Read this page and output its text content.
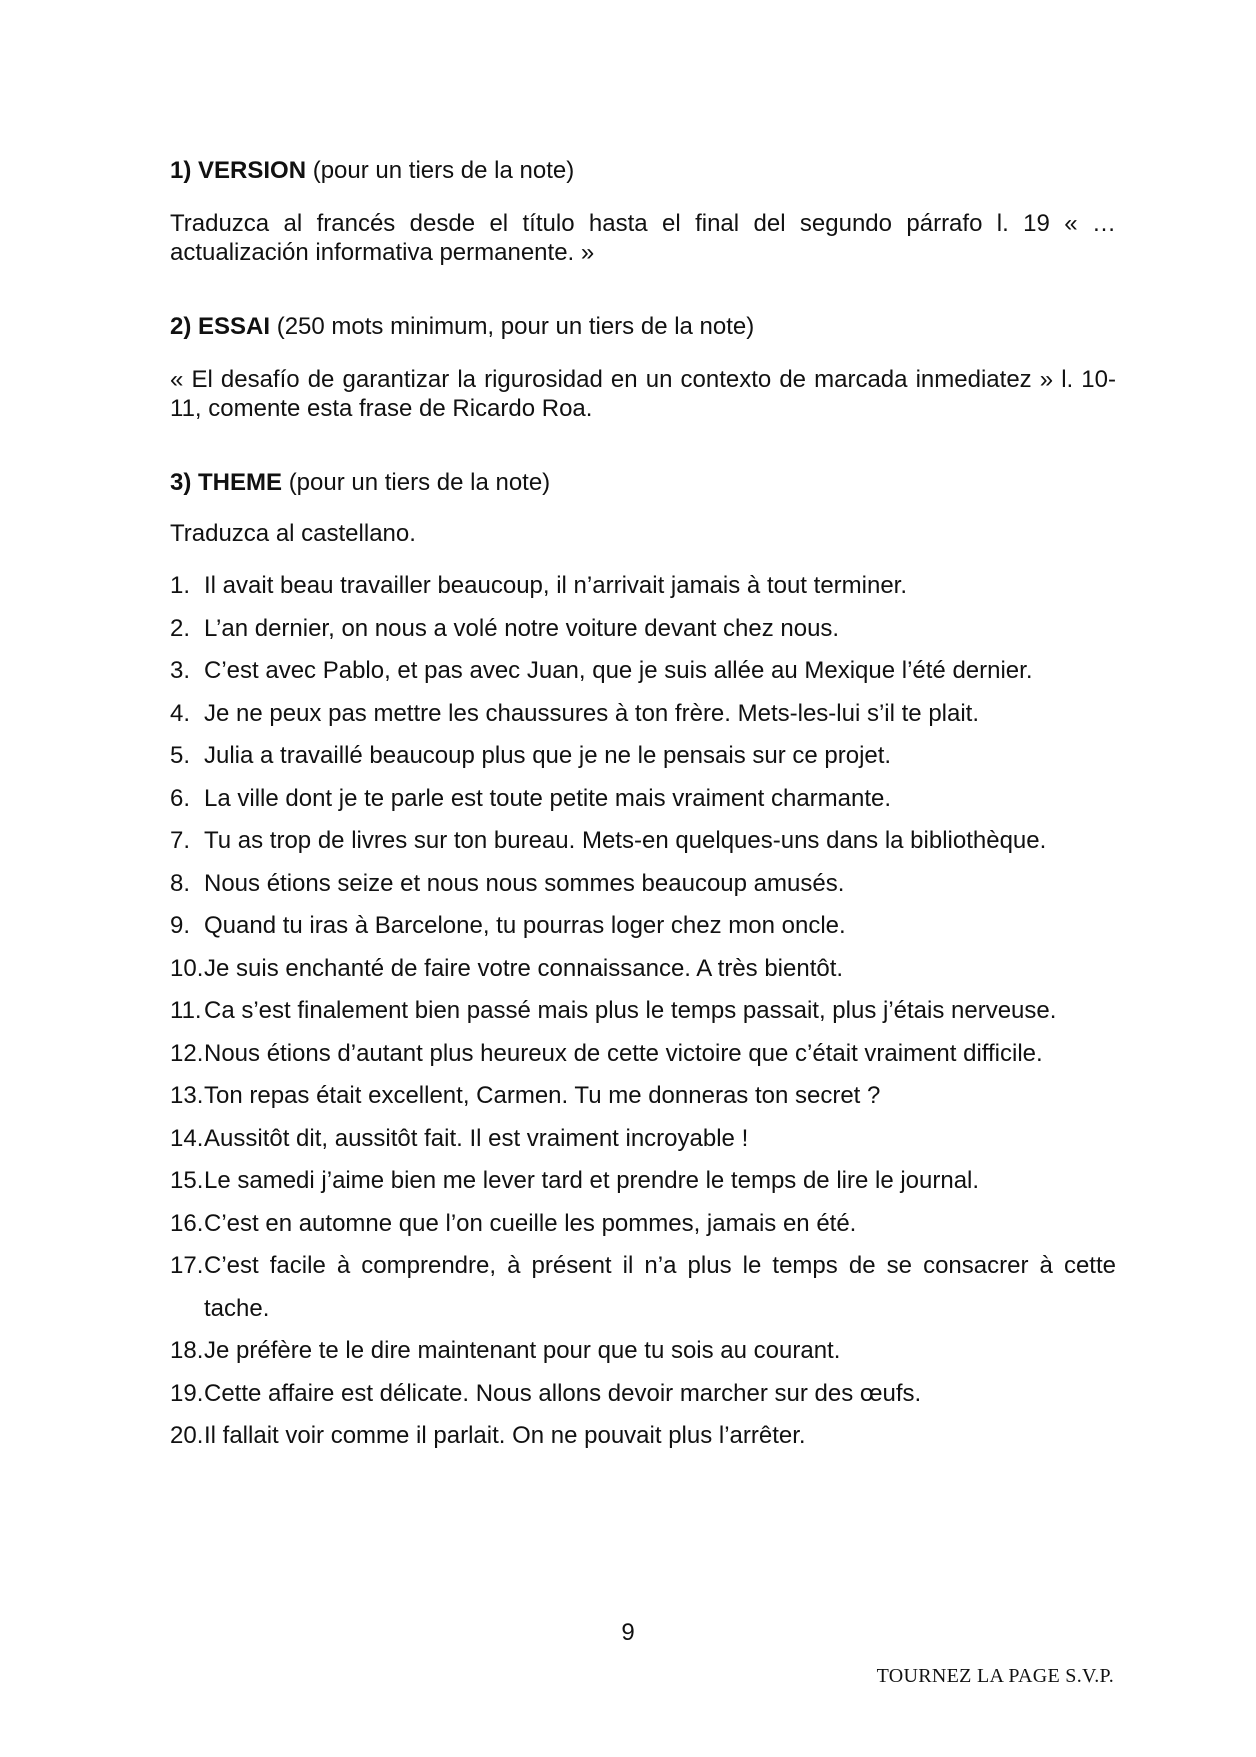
1) VERSION (pour un tiers de la note)

Traduzca al francés desde el título hasta el final del segundo párrafo l. 19 « …actualización informativa permanente. »

2) ESSAI (250 mots minimum, pour un tiers de la note)

« El desafío de garantizar la rigurosidad en un contexto de marcada inmediatez » l. 10-11, comente esta frase de Ricardo Roa.

3) THEME (pour un tiers de la note)

Traduzca al castellano.

1. Il avait beau travailler beaucoup, il n’arrivait jamais à tout terminer.
2. L’an dernier, on nous a volé notre voiture devant chez nous.
3. C’est avec Pablo, et pas avec Juan, que je suis allée au Mexique l’été dernier.
4. Je ne peux pas mettre les chaussures à ton frère. Mets-les-lui s’il te plait.
5. Julia a travaillé beaucoup plus que je ne le pensais sur ce projet.
6. La ville dont je te parle est toute petite mais vraiment charmante.
7. Tu as trop de livres sur ton bureau. Mets-en quelques-uns dans la bibliothèque.
8. Nous étions seize et nous nous sommes beaucoup amusés.
9. Quand tu iras à Barcelone, tu pourras loger chez mon oncle.
10. Je suis enchanté de faire votre connaissance. A très bientôt.
11. Ca s’est finalement bien passé mais plus le temps passait, plus j’étais nerveuse.
12. Nous étions d’autant plus heureux de cette victoire que c’était vraiment difficile.
13. Ton repas était excellent, Carmen. Tu me donneras ton secret ?
14. Aussitôt dit, aussitôt fait. Il est vraiment incroyable !
15. Le samedi j’aime bien me lever tard et prendre le temps de lire le journal.
16. C’est en automne que l’on cueille les pommes, jamais en été.
17. C’est facile à comprendre, à présent il n’a plus le temps de se consacrer à cette tache.
18. Je préfère te le dire maintenant pour que tu sois au courant.
19. Cette affaire est délicate. Nous allons devoir marcher sur des œufs.
20. Il fallait voir comme il parlait. On ne pouvait plus l’arrêter.
9
TOURNEZ LA PAGE S.V.P.
